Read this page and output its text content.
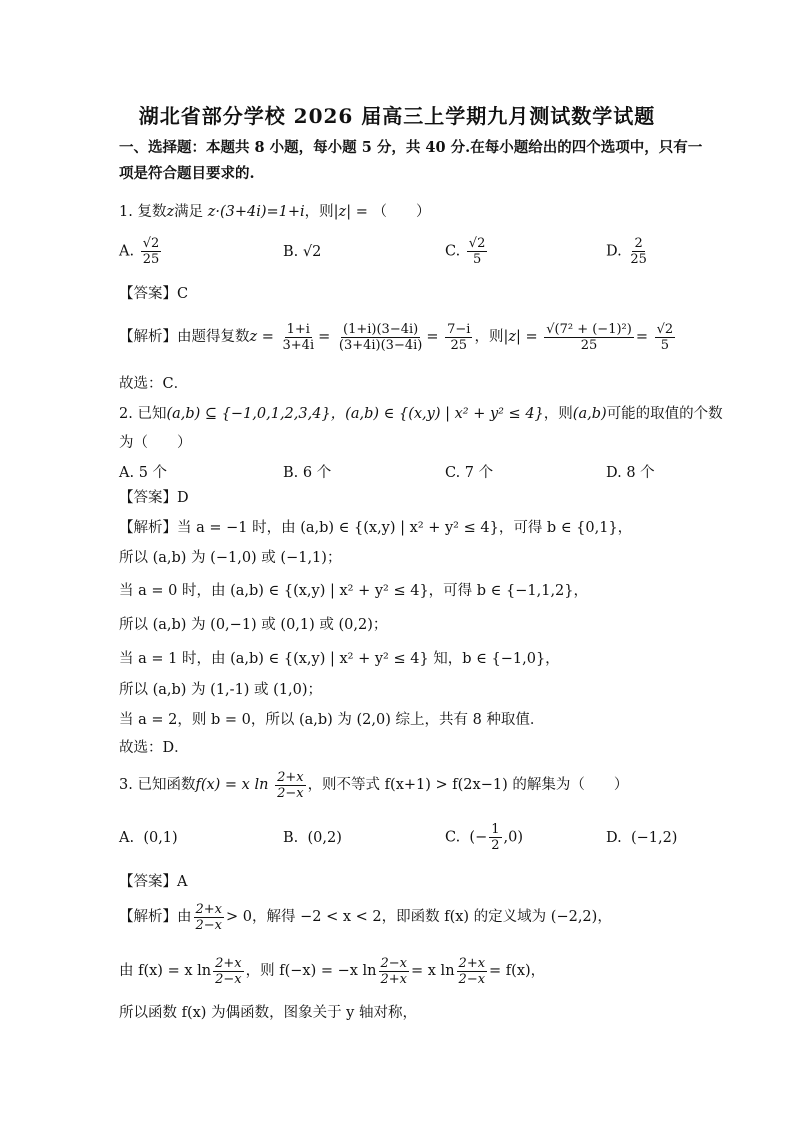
湖北省部分学校 2026 届高三上学期九月测试数学试题
一、选择题：本题共 8 小题，每小题 5 分，共 40 分.在每小题给出的四个选项中，只有一
项是符合题目要求的.
1. 复数z满足 z·(3+4i)=1+i，则|z| = （　　）
A. $\frac{√2}{25}$	B. √2	C. $\frac{√2}{5}$	D. $\frac{2}{25}$
【答案】C
【解析】由题得复数$z = \frac{1+i}{3+4i} = \frac{(1+i)(3-4i)}{(3+4i)(3-4i)} = \frac{7-i}{25}$ ，则$|z| = \frac{\text{√(7² + (−1)²)}}{25} = \frac{√2}{5}$
故选：C．
2. 已知(a,b) ⊆ {−1,0,1,2,3,4}，(a,b) ∈ {(x,y) | x² + y² ≤ 4}，则(a,b)可能的取值的个数
为（　　）
A. 5 个	B. 6 个	C. 7 个	D. 8 个
【答案】D
【解析】当 a = −1 时，由 (a,b) ∈ {(x,y) | x² + y² ≤ 4}，可得 b ∈ {0,1}，
所以 (a,b) 为 (−1,0) 或 (−1,1)；
当 a = 0 时，由 (a,b) ∈ {(x,y) | x² + y² ≤ 4}，可得 b ∈ {−1,1,2}，
所以 (a,b) 为 (0,−1) 或 (0,1) 或 (0,2)；
当 a = 1 时，由 (a,b) ∈ {(x,y) | x² + y² ≤ 4} 知，b ∈ {−1,0}，
所以 (a,b) 为 (1,-1) 或 (1,0)；
当 a = 2，则 b = 0，所以 (a,b) 为 (2,0) 综上，共有 8 种取值．
故选：D．
3. 已知函数f(x) = x $\ln \frac{2+x}{2-x}$ ，则不等式 f(x+1) > f(2x−1) 的解集为（　　）
A. (0,1)	B. (0,2)	C. (− $\frac{1}{2} ,0$)	D. (−1,2)
【答案】A
【解析】由 $\frac{2+x}{2-x} > 0$，解得 −2 < x < 2，即函数 f(x) 的定义域为 (−2,2)，
由 f(x) = x $\ln \frac{2+x}{2-x}$ ，则 f(−x) = −x $\ln \frac{2-x}{2+x} = x$ $\ln \frac{2+x}{2-x} = f(x)$，
所以函数 f(x) 为偶函数，图象关于 y 轴对称，
